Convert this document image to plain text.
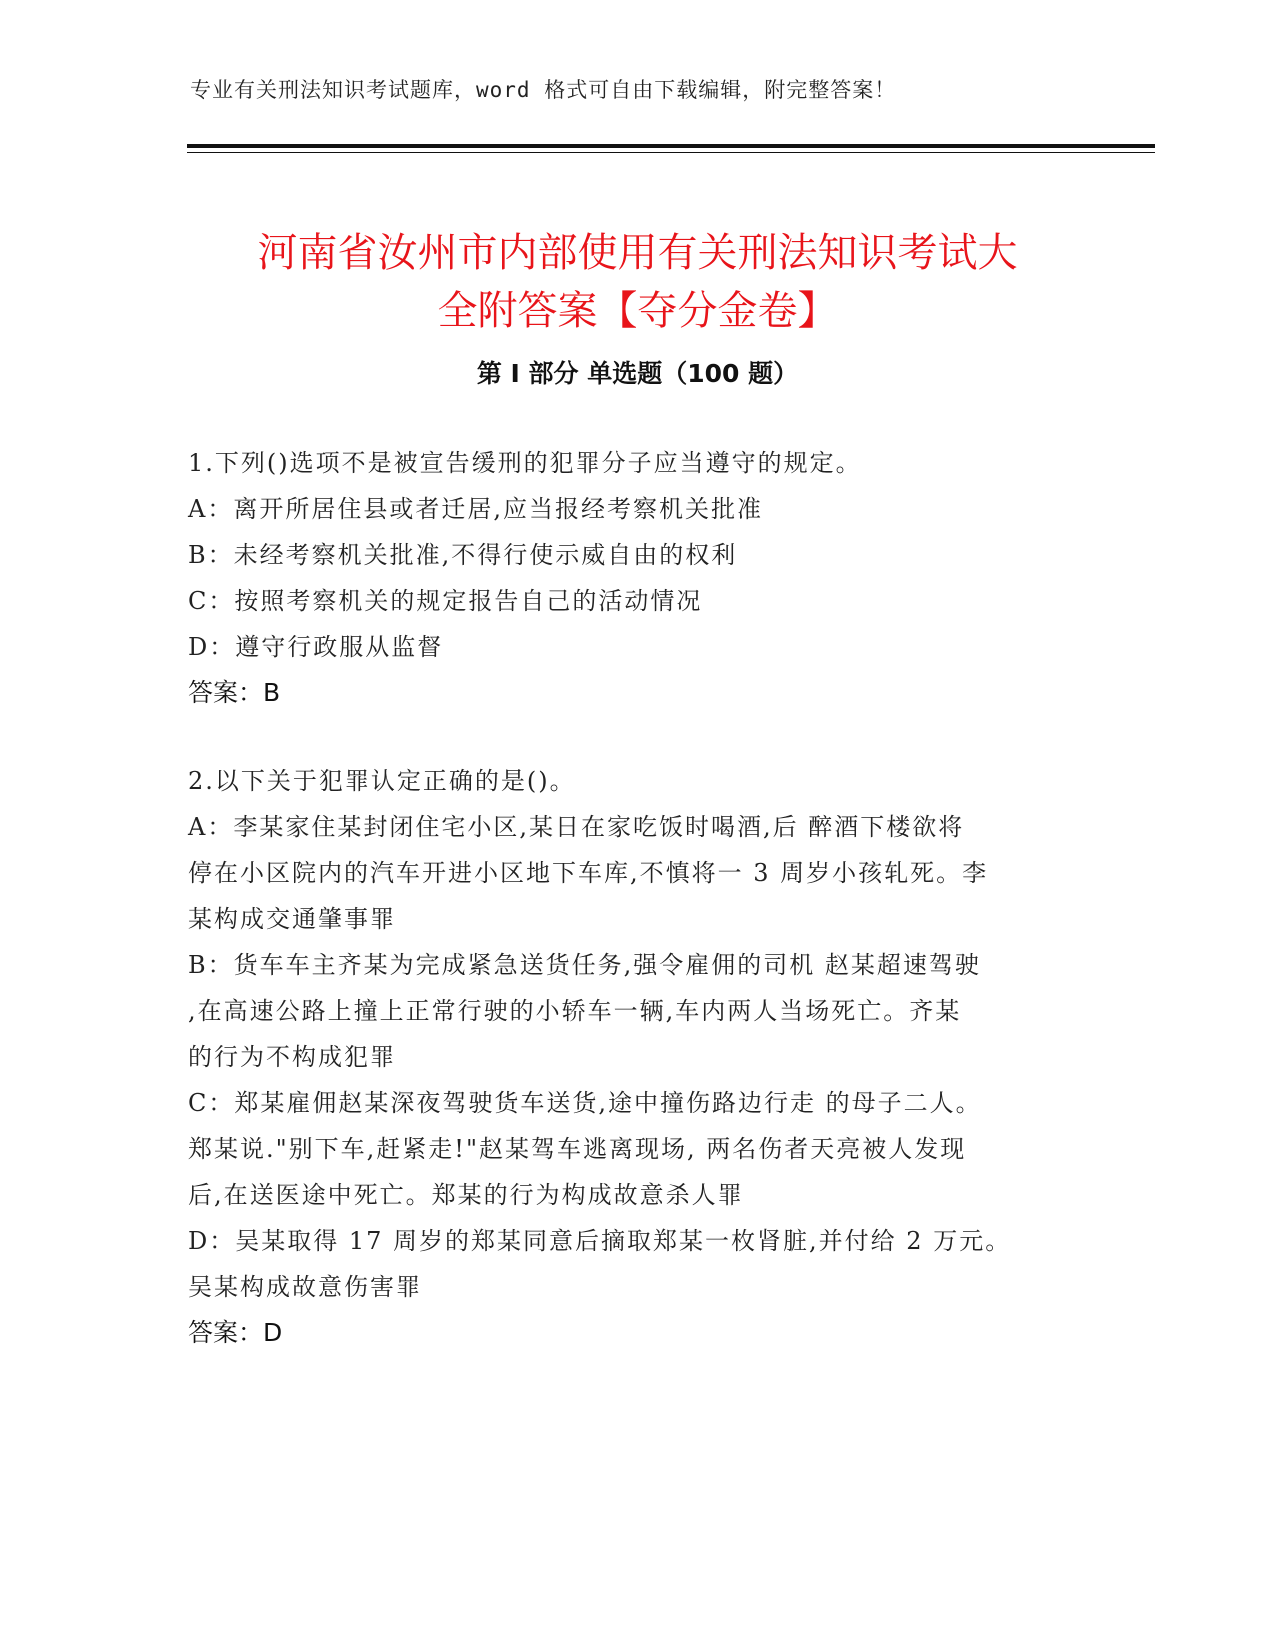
专业有关刑法知识考试题库，word 格式可自由下载编辑，附完整答案！
河南省汝州市内部使用有关刑法知识考试大
全附答案【夺分金卷】
第 I 部分 单选题（100 题）
1.下列()选项不是被宣告缓刑的犯罪分子应当遵守的规定。
A：离开所居住县或者迁居,应当报经考察机关批准
B：未经考察机关批准,不得行使示威自由的权利
C：按照考察机关的规定报告自己的活动情况
D：遵守行政服从监督
答案：B
2.以下关于犯罪认定正确的是()。
A：李某家住某封闭住宅小区,某日在家吃饭时喝酒,后 醉酒下楼欲将
停在小区院内的汽车开进小区地下车库,不慎将一 3 周岁小孩轧死。李
某构成交通肇事罪
B：货车车主齐某为完成紧急送货任务,强令雇佣的司机 赵某超速驾驶
,在高速公路上撞上正常行驶的小轿车一辆,车内两人当场死亡。齐某
的行为不构成犯罪
C：郑某雇佣赵某深夜驾驶货车送货,途中撞伤路边行走 的母子二人。
郑某说."别下车,赶紧走!"赵某驾车逃离现场, 两名伤者天亮被人发现
后,在送医途中死亡。郑某的行为构成故意杀人罪
D：吴某取得 17 周岁的郑某同意后摘取郑某一枚肾脏,并付给 2 万元。
吴某构成故意伤害罪
答案：D
